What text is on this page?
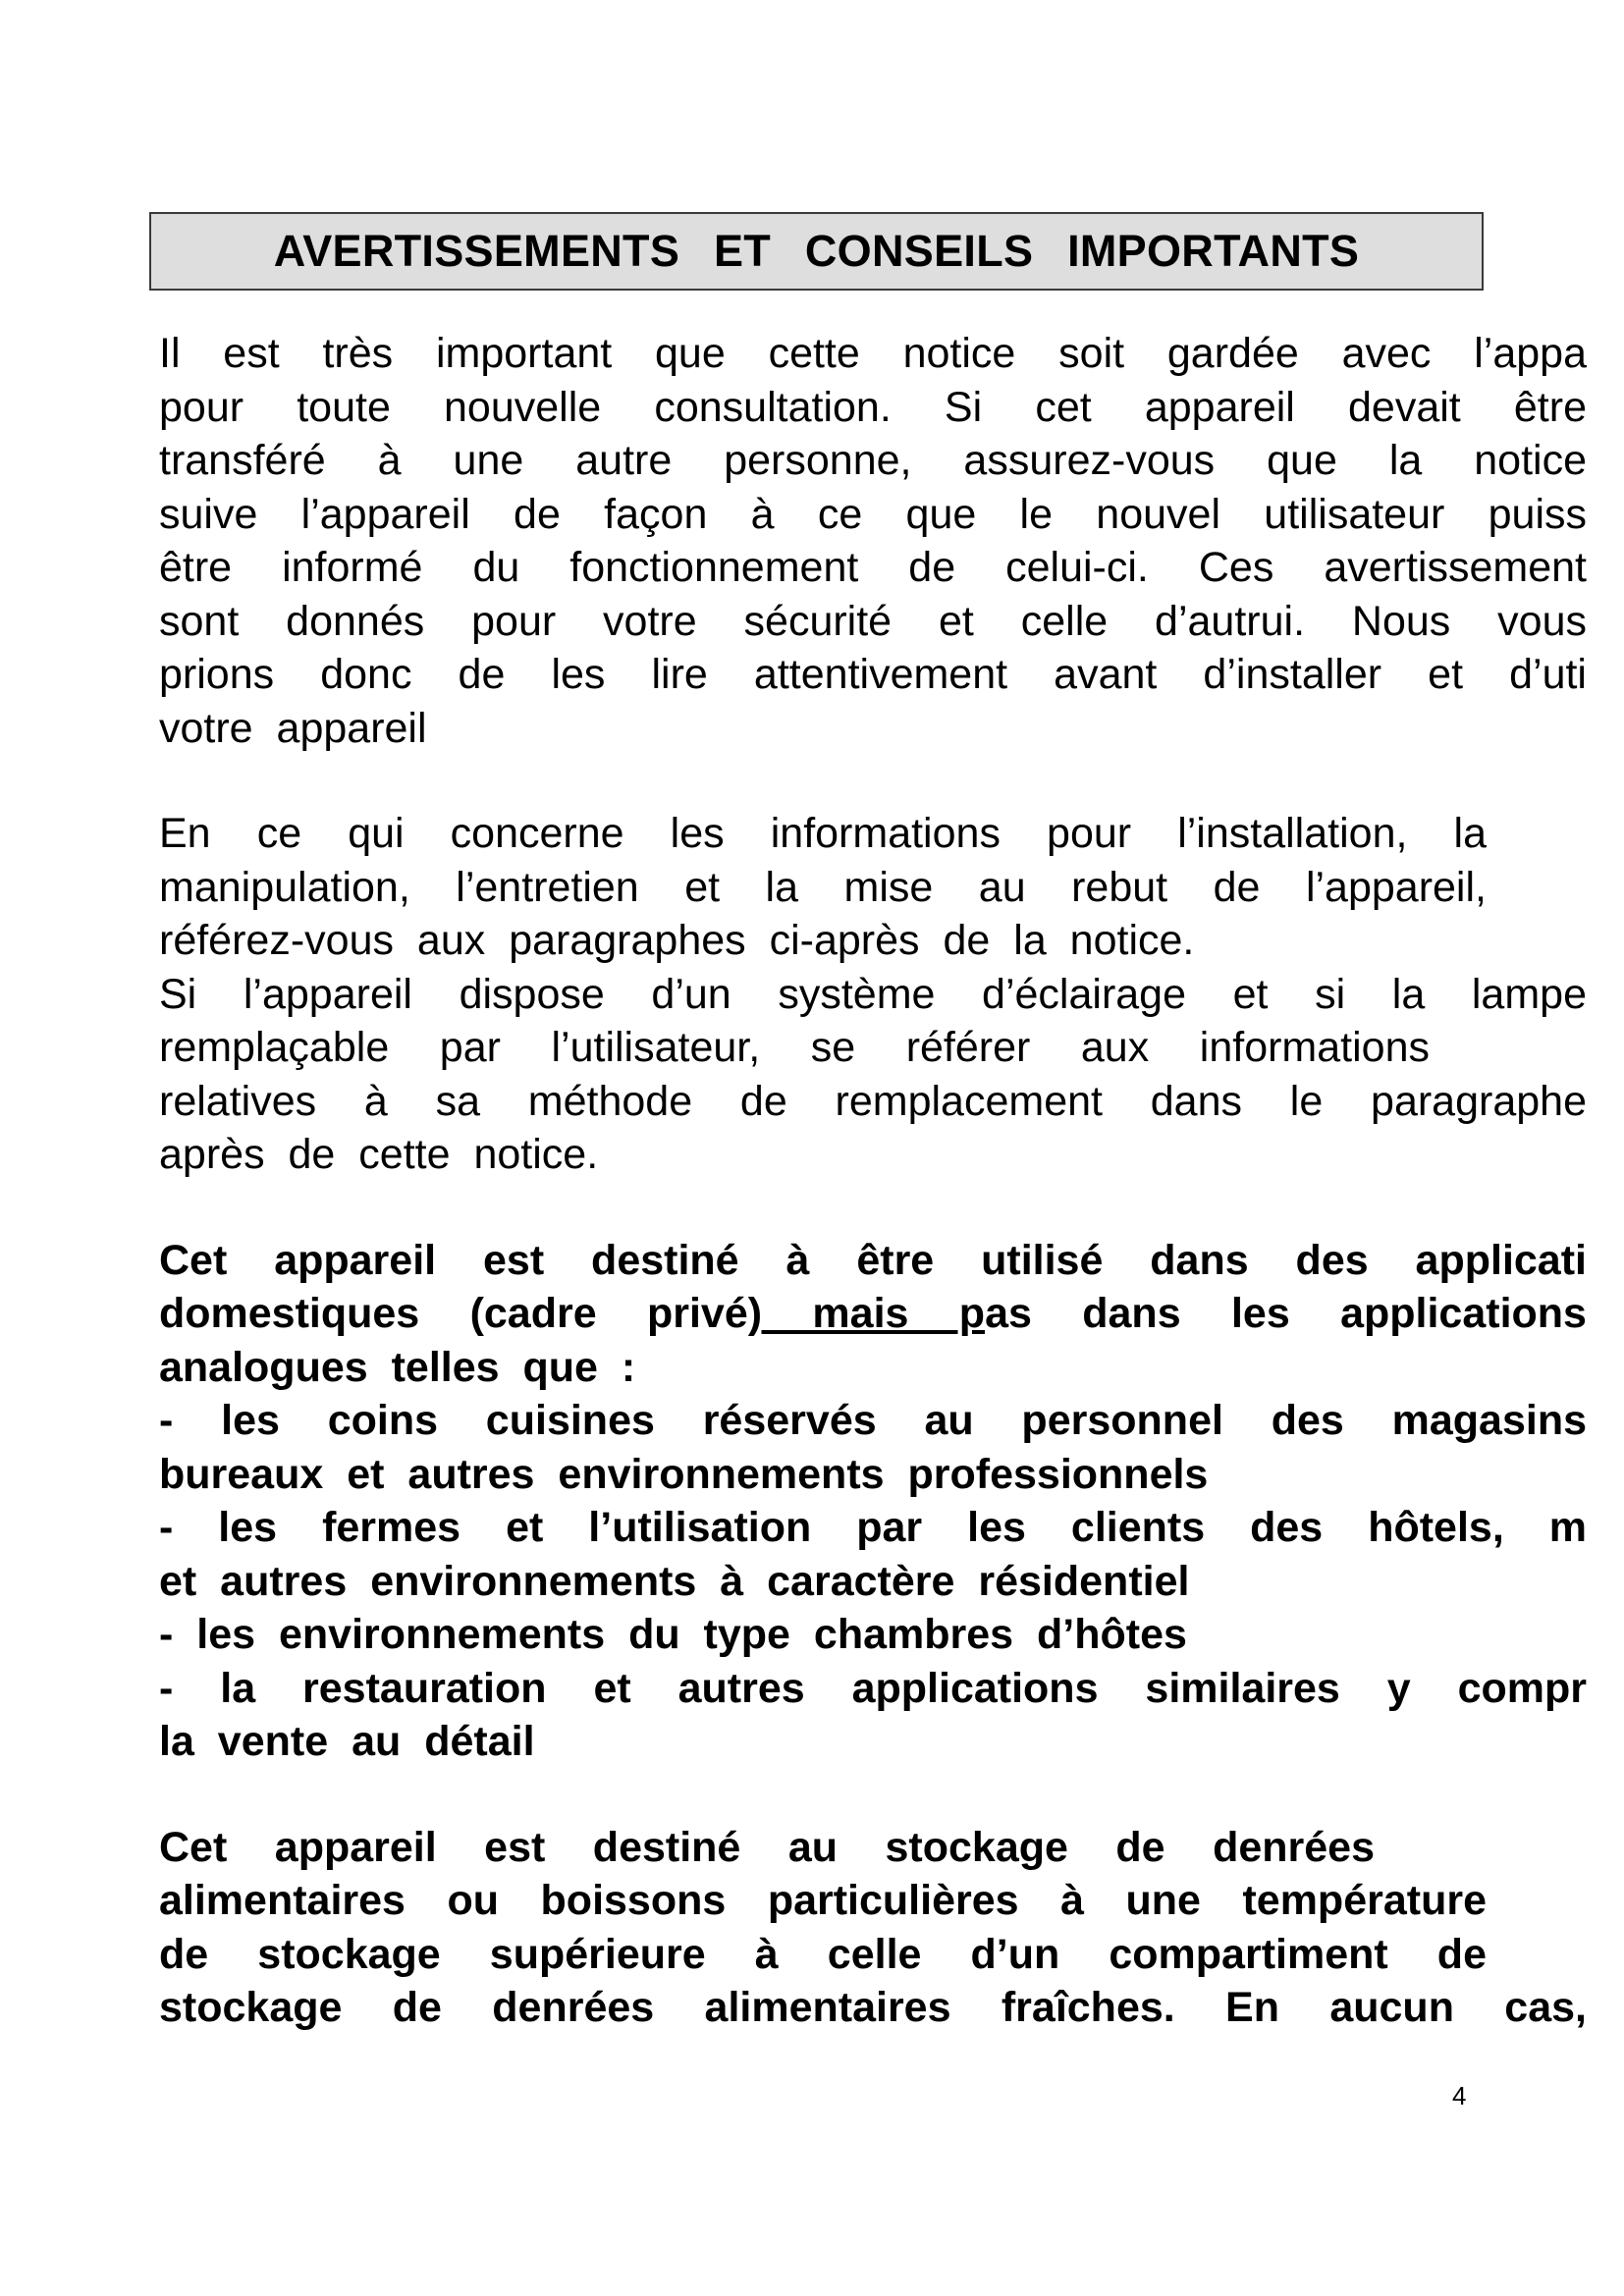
AVERTISSEMENTS ET CONSEILS IMPORTANTS
Il est très important que cette notice soit gardée avec l’appa
pour toute nouvelle consultation. Si cet appareil devait être
transféré à une autre personne, assurez-vous que la notice
suive l’appareil de façon à ce que le nouvel utilisateur puiss
être informé du fonctionnement de celui-ci. Ces avertissement
sont donnés pour votre sécurité et celle d’autrui. Nous vous
prions donc de les lire attentivement avant d’installer et d’uti
votre appareil
En ce qui concerne les informations pour l’installation, la
manipulation, l’entretien et la mise au rebut de l’appareil,
référez-vous aux paragraphes ci-après de la notice.
Si l’appareil dispose d’un système d’éclairage et si la lampe
remplaçable par l’utilisateur, se référer aux informations
relatives à sa méthode de remplacement dans le paragraphe
après de cette notice.
Cet appareil est destiné à être utilisé dans des applicati
domestiques (cadre privé) mais pas dans les applications
analogues telles que :
- les coins cuisines réservés au personnel des magasins
bureaux et autres environnements professionnels
- les fermes et l’utilisation par les clients des hôtels, m
et autres environnements à caractère résidentiel
- les environnements du type chambres d’hôtes
- la restauration et autres applications similaires y compr
la vente au détail
Cet appareil est destiné au stockage de denrées
alimentaires ou boissons particulières à une température
de stockage supérieure à celle d’un compartiment de
stockage de denrées alimentaires fraîches. En aucun cas,
4
